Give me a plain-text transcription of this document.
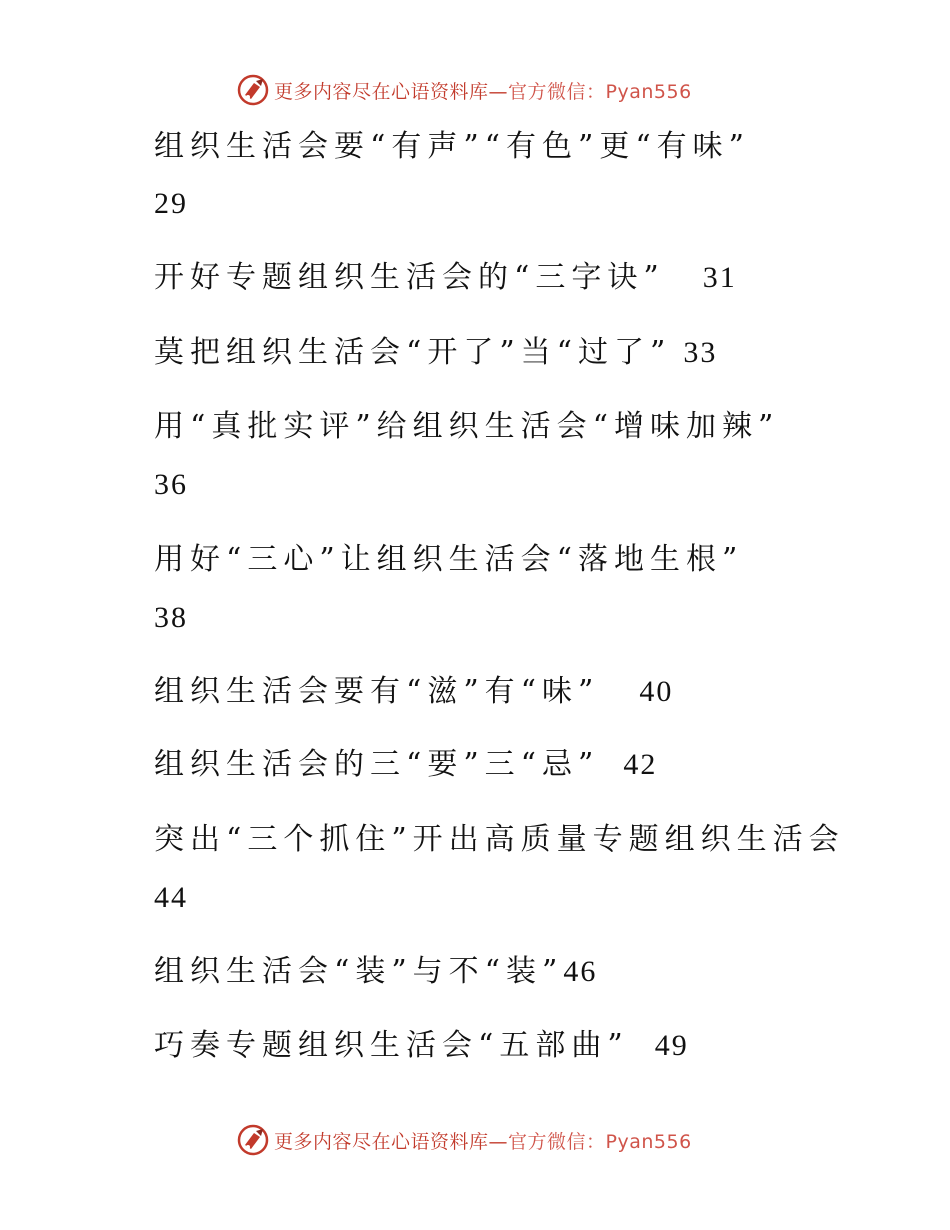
更多内容尽在心语资料库—官方微信：Pyan556
组织生活会要“有声”“有色”更“有味”
29
开好专题组织生活会的“三字诀” 31
莫把组织生活会“开了”当“过了” 33
用“真批实评”给组织生活会“增味加辣”
36
用好“三心”让组织生活会“落地生根”
38
组织生活会要有“滋”有“味” 40
组织生活会的三“要”三“忌” 42
突出“三个抓住”开出高质量专题组织生活会
44
组织生活会“装”与不“装”46
巧奏专题组织生活会“五部曲” 49
更多内容尽在心语资料库—官方微信：Pyan556
